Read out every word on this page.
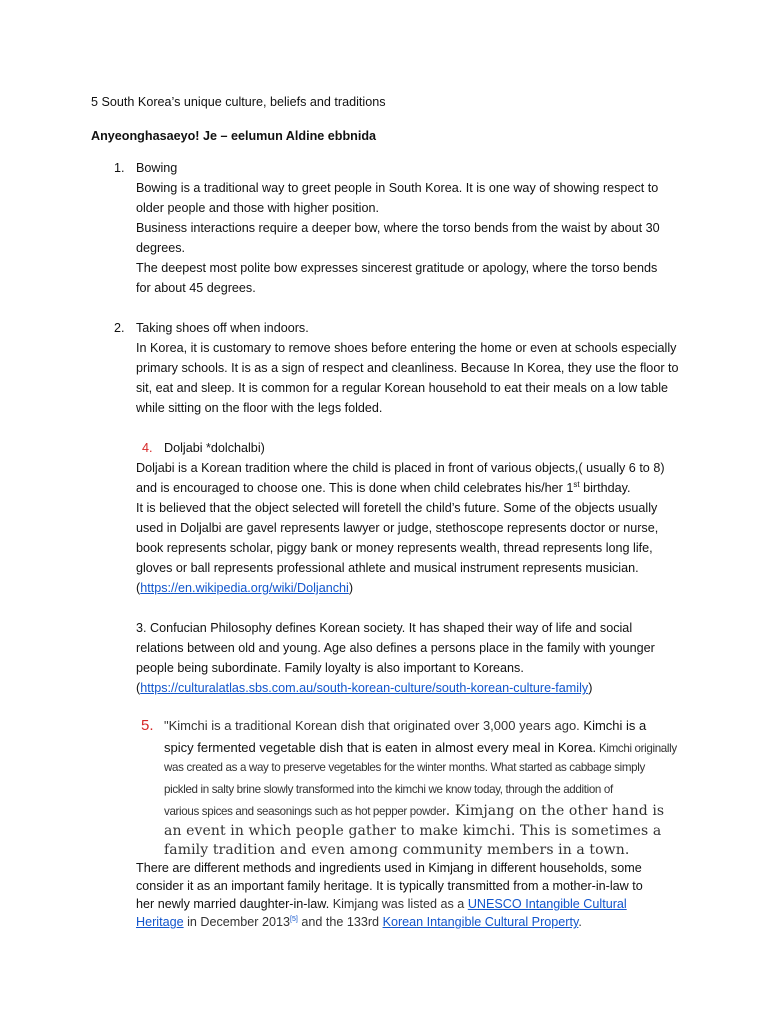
5 South Korea’s unique culture, beliefs and traditions
Anyeonghasaeyo! Je – eelumun Aldine ebbnida
1. Bowing
Bowing is a traditional way to greet people in South Korea. It is one way of showing respect to
older people and those with higher position.
Business interactions require a deeper bow, where the torso bends from the waist by about 30
degrees.
The deepest most polite bow expresses sincerest gratitude or apology, where the torso bends
for about 45 degrees.
2. Taking shoes off when indoors.
In Korea, it is customary to remove shoes before entering the home or even at schools especially
primary schools. It is as a sign of respect and cleanliness. Because In Korea, they use the floor to
sit, eat and sleep. It is common for a regular Korean household to eat their meals on a low table
while sitting on the floor with the legs folded.
4. Doljabi *dolchalbi)
Doljabi is a Korean tradition where the child is placed in front of various objects,( usually 6 to 8)
and is encouraged to choose one. This is done when child celebrates his/her 1st birthday.
It is believed that the object selected will foretell the child’s future. Some of the objects usually
used in Doljalbi are gavel represents lawyer or judge, stethoscope represents doctor or nurse,
book represents scholar, piggy bank or money represents wealth, thread represents long life,
gloves or ball represents professional athlete and musical instrument represents musician.
(https://en.wikipedia.org/wiki/Doljanchi)
3. Confucian Philosophy defines Korean society. It has shaped their way of life and social
relations between old and young. Age also defines a persons place in the family with younger
people being subordinate. Family loyalty is also important to Koreans.
(https://culturalatlas.sbs.com.au/south-korean-culture/south-korean-culture-family)
5. "Kimchi is a traditional Korean dish that originated over 3,000 years ago. Kimchi is a
spicy fermented vegetable dish that is eaten in almost every meal in Korea. Kimchi originally
was created as a way to preserve vegetables for the winter months. What started as cabbage simply
pickled in salty brine slowly transformed into the kimchi we know today, through the addition of
various spices and seasonings such as hot pepper powder. Kimjang on the other hand is
an event in which people gather to make kimchi. This is sometimes a
family tradition and even among community members in a town.
There are different methods and ingredients used in Kimjang in different households, some
consider it as an important family heritage. It is typically transmitted from a mother-in-law to
her newly married daughter-in-law. Kimjang was listed as a UNESCO Intangible Cultural
Heritage in December 2013[5] and the 133rd Korean Intangible Cultural Property.
